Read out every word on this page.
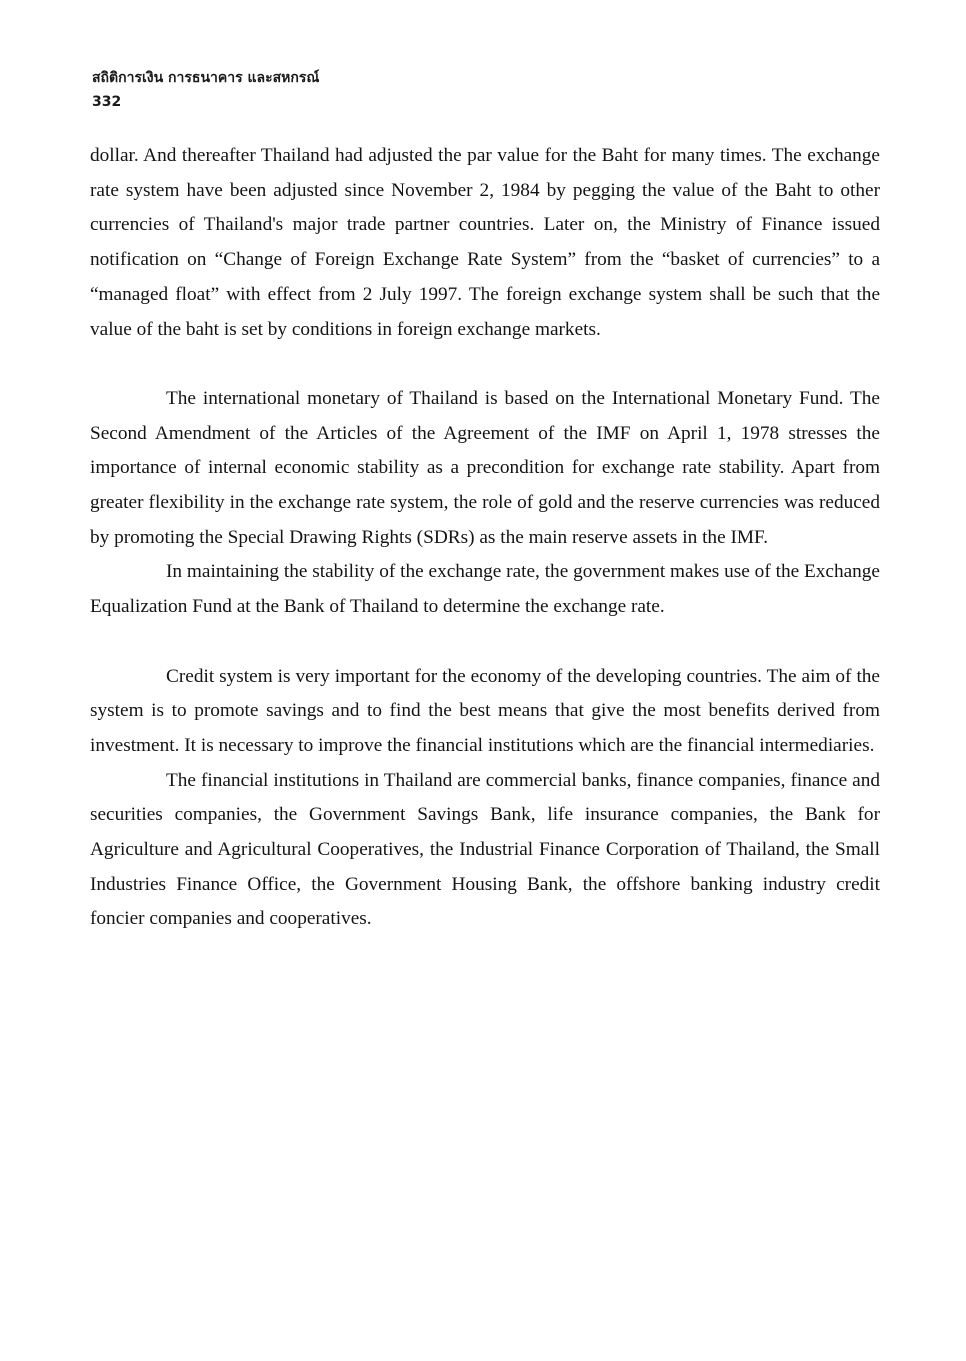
สถิติการเงิน การธนาคาร และสหกรณ์
332

dollar. And thereafter Thailand had adjusted the par value for the Baht for many times. The exchange rate system have been adjusted since November 2, 1984 by pegging the value of the Baht to other currencies of Thailand's major trade partner countries. Later on, the Ministry of Finance issued notification on “Change of Foreign Exchange Rate System” from the “basket of currencies” to a “managed float” with effect from 2 July 1997. The foreign exchange system shall be such that the value of the baht is set by conditions in foreign exchange markets.

The international monetary of Thailand is based on the International Monetary Fund. The Second Amendment of the Articles of the Agreement of the IMF on April 1, 1978 stresses the importance of internal economic stability as a precondition for exchange rate stability. Apart from greater flexibility in the exchange rate system, the role of gold and the reserve currencies was reduced by promoting the Special Drawing Rights (SDRs) as the main reserve assets in the IMF.

In maintaining the stability of the exchange rate, the government makes use of the Exchange Equalization Fund at the Bank of Thailand to determine the exchange rate.

Credit system is very important for the economy of the developing countries. The aim of the system is to promote savings and to find the best means that give the most benefits derived from investment. It is necessary to improve the financial institutions which are the financial intermediaries.

The financial institutions in Thailand are commercial banks, finance companies, finance and securities companies, the Government Savings Bank, life insurance companies, the Bank for Agriculture and Agricultural Cooperatives, the Industrial Finance Corporation of Thailand, the Small Industries Finance Office, the Government Housing Bank, the offshore banking industry credit foncier companies and cooperatives.
